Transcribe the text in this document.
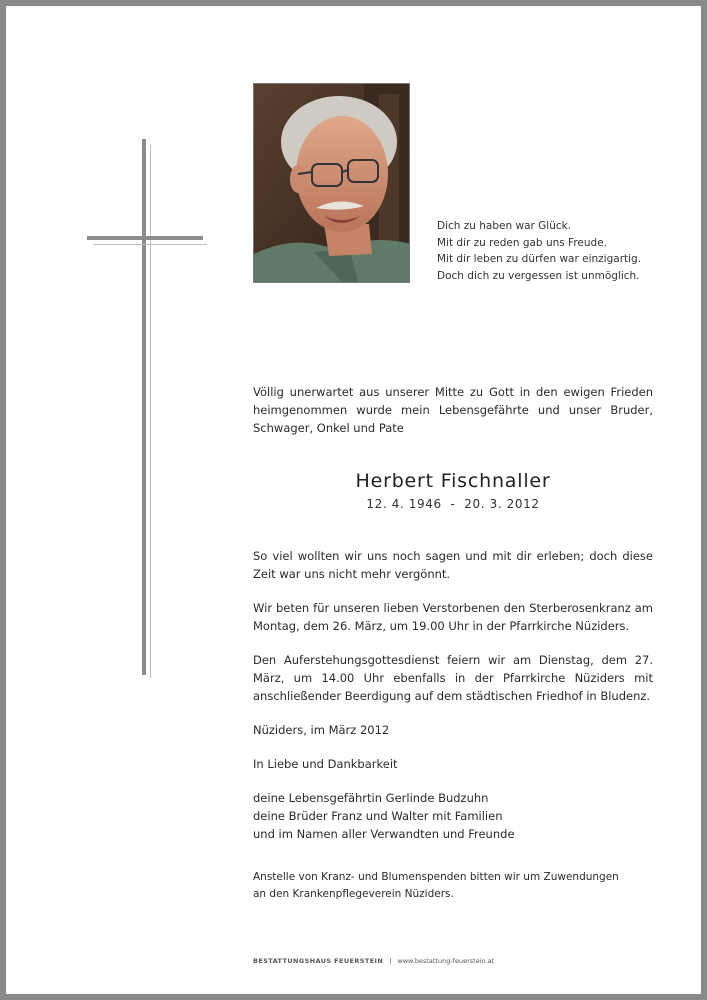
Dich zu haben war Glück.
Mit dir zu reden gab uns Freude.
Mit dir leben zu dürfen war einzigartig.
Doch dich zu vergessen ist unmöglich.
Völlig unerwartet aus unserer Mitte zu Gott in den ewigen Frieden heimgenommen wurde mein Lebensgefährte und unser Bruder, Schwager, Onkel und Pate
Herbert Fischnaller
12. 4. 1946  -  20. 3. 2012

So viel wollten wir uns noch sagen und mit dir erleben; doch diese Zeit war uns nicht mehr vergönnt.

Wir beten für unseren lieben Verstorbenen den Sterberosenkranz am Montag, dem 26. März, um 19.00 Uhr in der Pfarrkirche Nüziders.

Den Auferstehungsgottesdienst feiern wir am Dienstag, dem 27. März, um 14.00 Uhr ebenfalls in der Pfarrkirche Nüziders mit anschließender Beerdigung auf dem städtischen Friedhof in Bludenz.

Nüziders, im März 2012

In Liebe und Dankbarkeit

deine Lebensgefährtin Gerlinde Budzuhn
deine Brüder Franz und Walter mit Familien
und im Namen aller Verwandten und Freunde

Anstelle von Kranz- und Blumenspenden bitten wir um Zuwendungen
an den Krankenpflegeverein Nüziders.
BESTATTUNGSHAUS FEUERSTEIN | www.bestattung-feuerstein.at
